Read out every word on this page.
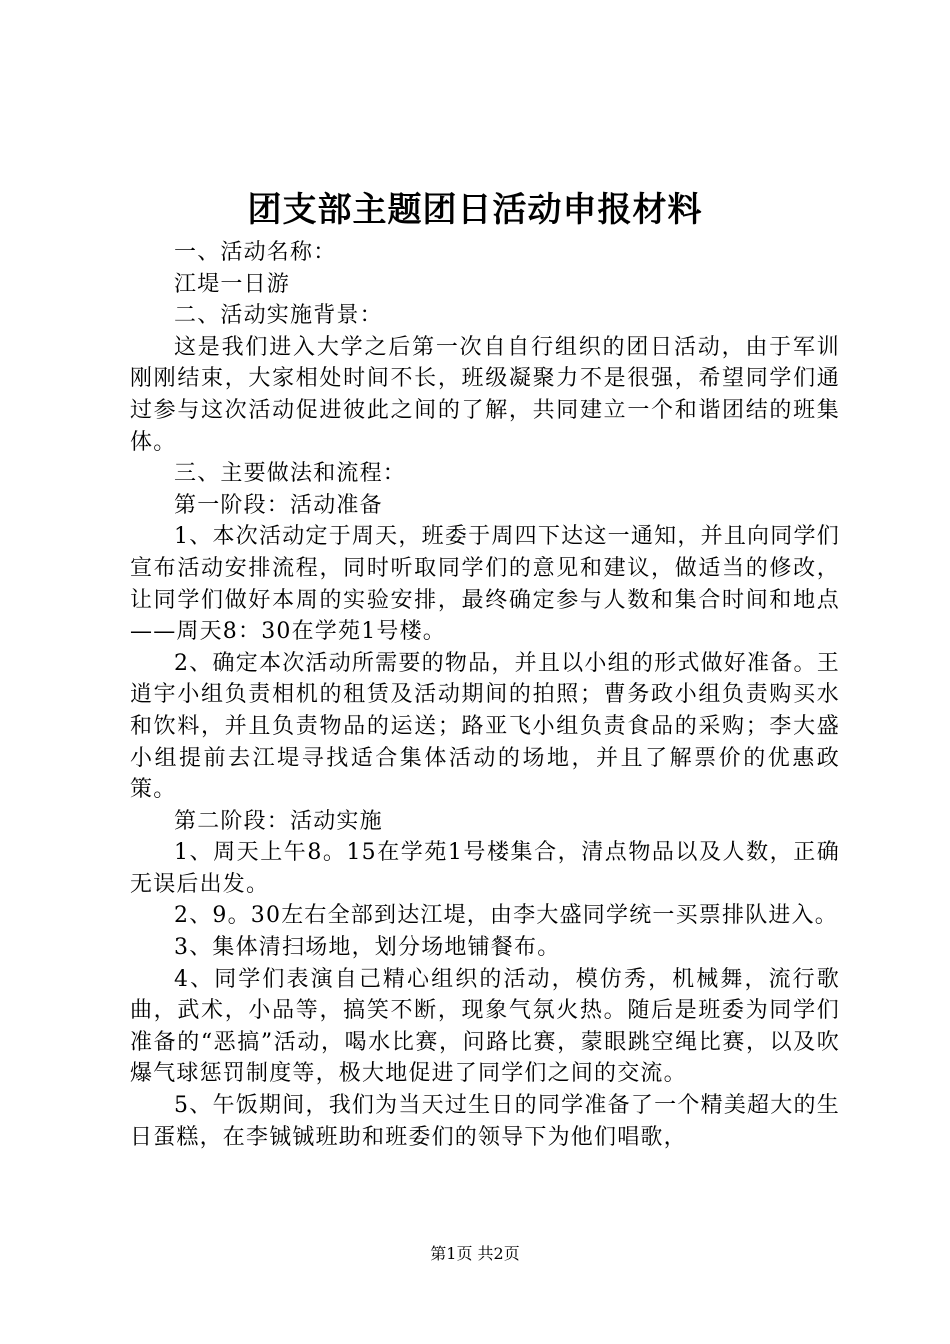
团支部主题团日活动申报材料

一、活动名称：

江堤一日游

二、活动实施背景：

这是我们进入大学之后第一次自自行组织的团日活动，由于军训刚刚结束，大家相处时间不长，班级凝聚力不是很强，希望同学们通过参与这次活动促进彼此之间的了解，共同建立一个和谐团结的班集体。

三、主要做法和流程：

第一阶段：活动准备

1、本次活动定于周天，班委于周四下达这一通知，并且向同学们宣布活动安排流程，同时听取同学们的意见和建议，做适当的修改，让同学们做好本周的实验安排，最终确定参与人数和集合时间和地点——周天8：30在学苑1号楼。

2、确定本次活动所需要的物品，并且以小组的形式做好准备。王逍宇小组负责相机的租赁及活动期间的拍照；曹务政小组负责购买水和饮料，并且负责物品的运送；路亚飞小组负责食品的采购；李大盛小组提前去江堤寻找适合集体活动的场地，并且了解票价的优惠政策。

第二阶段：活动实施

1、周天上午8。15在学苑1号楼集合，清点物品以及人数，正确无误后出发。

2、9。30左右全部到达江堤，由李大盛同学统一买票排队进入。

3、集体清扫场地，划分场地铺餐布。

4、同学们表演自己精心组织的活动，模仿秀，机械舞，流行歌曲，武术，小品等，搞笑不断，现象气氛火热。随后是班委为同学们准备的“恶搞”活动，喝水比赛，问路比赛，蒙眼跳空绳比赛，以及吹爆气球惩罚制度等，极大地促进了同学们之间的交流。

5、午饭期间，我们为当天过生日的同学准备了一个精美超大的生日蛋糕，在李铖铖班助和班委们的领导下为他们唱歌，

第1页 共2页
